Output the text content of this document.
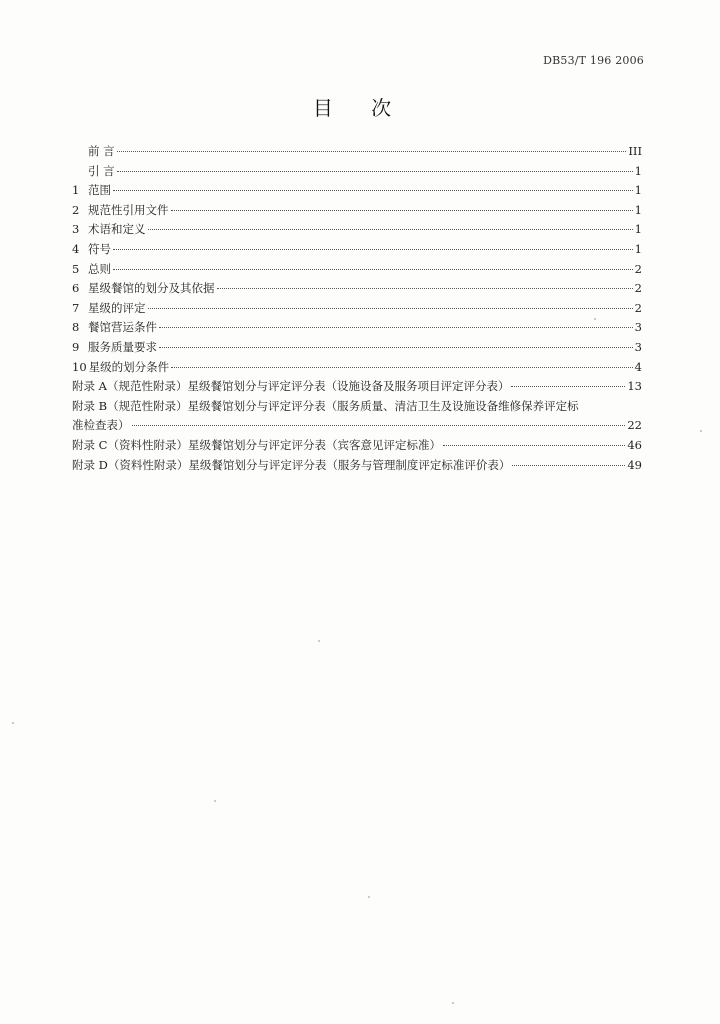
DB53/T 196 2006
目 次
前 言	III
引 言	1
1 范围	1
2 规范性引用文件	1
3 术语和定义	1
4 符号	1
5 总则	2
6 星级餐馆的划分及其依据	2
7 星级的评定	2
8 餐馆营运条件	3
9 服务质量要求	3
10 星级的划分条件	4
附录 A（规范性附录）星级餐馆划分与评定评分表（设施设备及服务项目评定评分表）	13
附录 B（规范性附录）星级餐馆划分与评定评分表（服务质量、清洁卫生及设施设备维修保养评定标
准检查表）	22
附录 C（资料性附录）星级餐馆划分与评定评分表（宾客意见评定标准）	46
附录 D（资料性附录）星级餐馆划分与评定评分表（服务与管理制度评定标准评价表）	49
